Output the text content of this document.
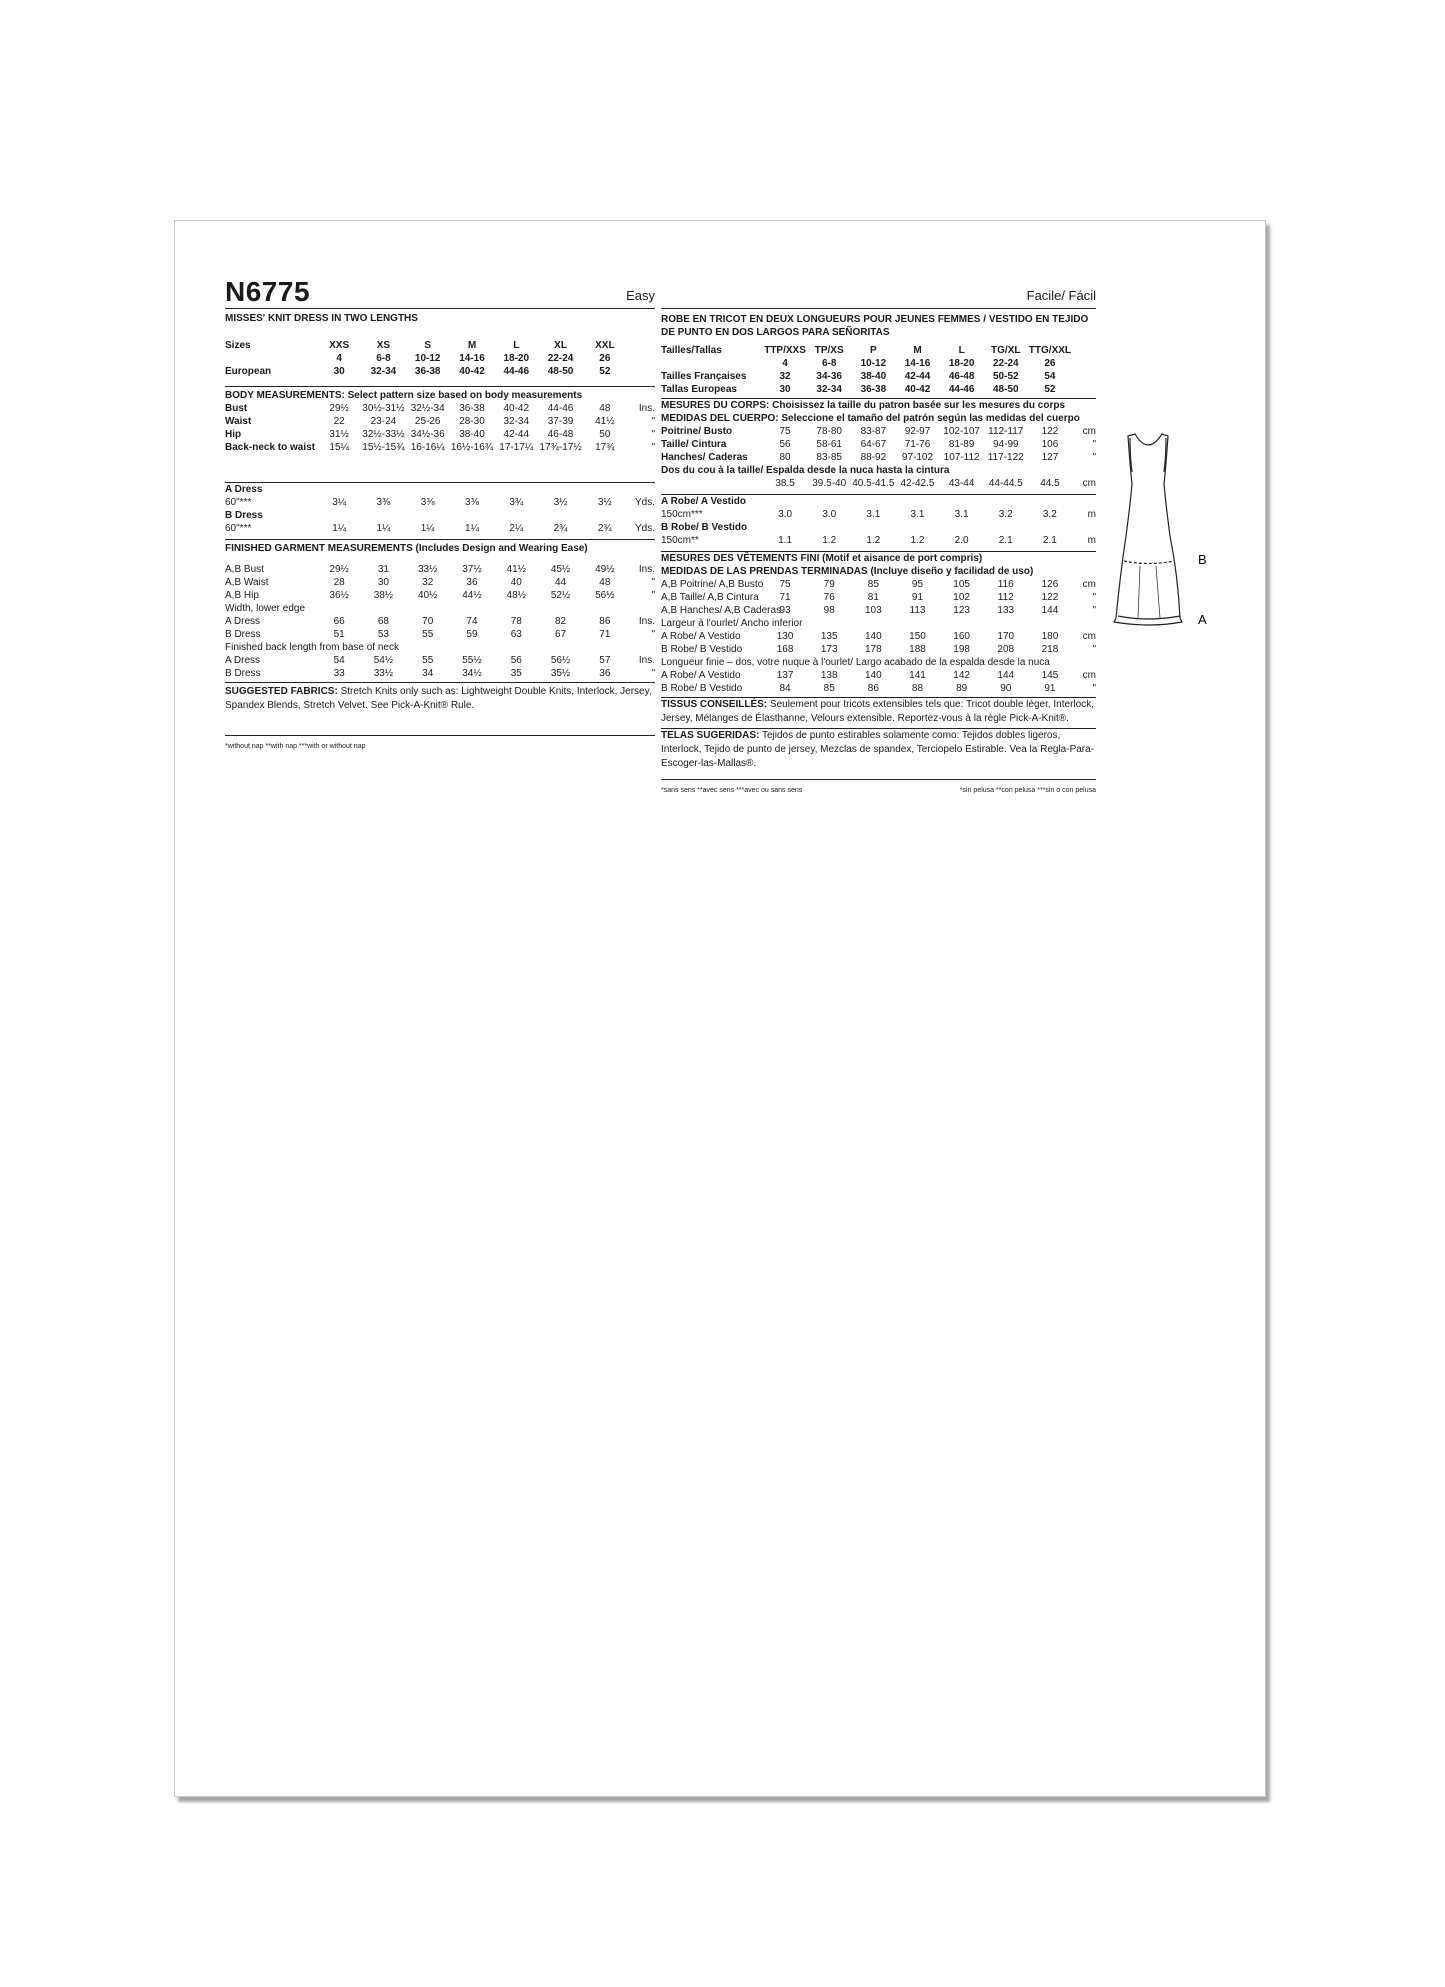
N6775	Easy
MISSES' KNIT DRESS IN TWO LENGTHS
Sizes	XXS	XS	S	M	L	XL	XXL	
	4	6-8	10-12	14-16	18-20	22-24	26	
European	30	32-34	36-38	40-42	44-46	48-50	52	
BODY MEASUREMENTS: Select pattern size based on body measurements
Bust	29½	30½-31½	32½-34	36-38	40-42	44-46	48	Ins.
Waist	22	23-24	25-26	28-30	32-34	37-39	41½	"
Hip	31½	32½-33½	34½-36	38-40	42-44	46-48	50	"
Back-neck to waist	15¼	15½-15¾	16-16¼	16½-16¾	17-17¼	17¾-17½	17¾	"
A Dress								
60"***	3¼	3⅜	3⅜	3⅜	3¾	3½	3½	Yds.
B Dress								
60"***	1¼	1¼	1¼	1¼	2¼	2¾	2¾	Yds.
FINISHED GARMENT MEASUREMENTS (Includes Design and Wearing Ease)
A,B Bust	29½	31	33½	37½	41½	45½	49½	Ins.
A,B Waist	28	30	32	36	40	44	48	"
A,B Hip	36½	38½	40½	44½	48½	52½	56½	"
Width, lower edge								
A Dress	66	68	70	74	78	82	86	Ins.
B Dress	51	53	55	59	63	67	71	"
Finished back length from base of neck								
A Dress	54	54½	55	55½	56	56½	57	Ins.
B Dress	33	33½	34	34½	35	35½	36	"

SUGGESTED FABRICS: Stretch Knits only such as: Lightweight Double Knits, Interlock, Jersey, Spandex Blends, Stretch Velvet. See Pick-A-Knit® Rule.

*without nap **with nap ***with or without nap
Facile/ Fácil
ROBE EN TRICOT EN DEUX LONGUEURS POUR JEUNES FEMMES / VESTIDO EN TEJIDO DE PUNTO EN DOS LARGOS PARA SEÑORITAS
Tailles/Tallas	TTP/XXS	TP/XS	P	M	L	TG/XL	TTG/XXL	
	4	6-8	10-12	14-16	18-20	22-24	26	
Tailles Françaises	32	34-36	38-40	42-44	46-48	50-52	54	
Tallas Europeas	30	32-34	36-38	40-42	44-46	48-50	52	
MESURES DU CORPS: Choisissez la taille du patron basée sur les mesures du corps
MEDIDAS DEL CUERPO: Seleccione el tamaño del patrón según las medidas del cuerpo
Poitrine/ Busto	75	78-80	83-87	92-97	102-107	112-117	122	cm
Taille/ Cintura	56	58-61	64-67	71-76	81-89	94-99	106	"
Hanches/ Caderas	80	83-85	88-92	97-102	107-112	117-122	127	"
Dos du cou à la taille/ Espalda desde la nuca hasta la cintura								
	38.5	39.5-40	40.5-41.5	42-42.5	43-44	44-44.5	44.5	cm
A Robe/ A Vestido								
150cm***	3.0	3.0	3.1	3.1	3.1	3.2	3.2	m
B Robe/ B Vestido								
150cm**	1.1	1.2	1.2	1.2	2.0	2.1	2.1	m
MESURES DES VÊTEMENTS FINI (Motif et aisance de port compris)
MEDIDAS DE LAS PRENDAS TERMINADAS (Incluye diseño y facilidad de uso)
A,B Poitrine/ A,B Busto	75	79	85	95	105	116	126	cm
A,B Taille/ A,B Cintura	71	76	81	91	102	112	122	"
A,B Hanches/ A,B Caderas	93	98	103	113	123	133	144	"
Largeur à l'ourlet/ Ancho inferior								
A Robe/ A Vestido	130	135	140	150	160	170	180	cm
B Robe/ B Vestido	168	173	178	188	198	208	218	"
Longueur finie – dos, votre nuque à l'ourlet/ Largo acabado de la espalda desde la nuca								
A Robe/ A Vestido	137	138	140	141	142	144	145	cm
B Robe/ B Vestido	84	85	86	88	89	90	91	"

TISSUS CONSEILLÉS: Seulement pour tricots extensibles tels que: Tricot double léger, Interlock, Jersey, Mélanges de Élasthanne, Velours extensible. Reportez-vous à la règle Pick-A-Knit®.

TELAS SUGERIDAS: Tejidos de punto estirables solamente como: Tejidos dobles ligeros, Interlock, Tejido de punto de jersey, Mezclas de spandex, Terciopelo Estirable. Vea la Regla-Para-Escoger-las-Mallas®.

*sans sens **avec sens ***avec ou sans sens	*sin pelusa **con pelusa ***sin o con pelusa
B
A
